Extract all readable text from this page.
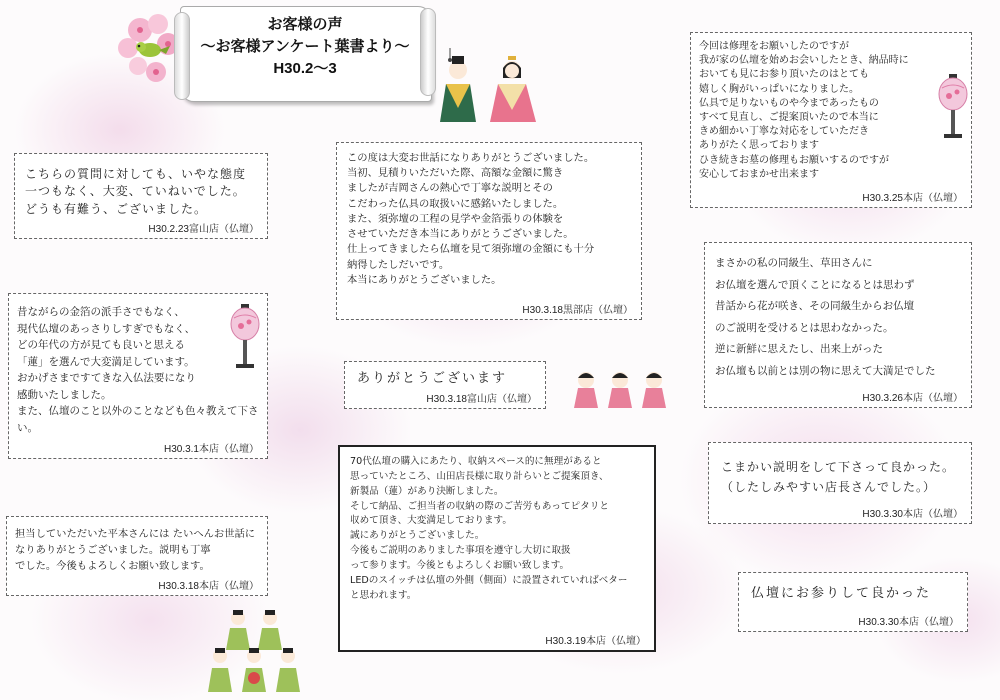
お客様の声
～お客様アンケート葉書より～
H30.2～3

こちらの質問に対しても、いやな態度
一つもなく、大変、ていねいでした。
どうも有難う、ございました。

H30.2.23富山店（仏壇）

この度は大変お世話になりありがとうございました。
当初、見積りいただいた際、高額な金額に驚き
ましたが吉岡さんの熱心で丁寧な説明とその
こだわった仏具の取扱いに感銘いたしました。
また、須弥壇の工程の見学や金箔張りの体験を
させていただき本当にありがとうございました。
仕上ってきましたら仏壇を見て須弥壇の金額にも十分
納得したしだいです。
本当にありがとうございました。

H30.3.18黒部店（仏壇）

今回は修理をお願いしたのですが
我が家の仏壇を始めお会いしたとき、納品時に
おいても見にお参り頂いたのはとても
嬉しく胸がいっぱいになりました。
仏具で足りないものや今まであったもの
すべて見直し、ご提案頂いたので本当に
きめ細かい丁寧な対応をしていただき
ありがたく思っております
ひき続きお墓の修理もお願いするのですが
安心しておまかせ出来ます

H30.3.25本店（仏壇）

まさかの私の同級生、草田さんに
お仏壇を選んで頂くことになるとは思わず
昔話から花が咲き、その同級生からお仏壇
のご説明を受けるとは思わなかった。
逆に新鮮に思えたし、出来上がった
お仏壇も以前とは別の物に思えて大満足でした

H30.3.26本店（仏壇）

昔ながらの金箔の派手さでもなく、
現代仏壇のあっさりしすぎでもなく、
どの年代の方が見ても良いと思える
「蓮」を選んで大変満足しています。
おかげさまですてきな入仏法要になり
感動いたしました。
また、仏壇のこと以外のことなども色々教えて下さい。

H30.3.1本店（仏壇）

ありがとうございます

H30.3.18富山店（仏壇）

こまかい説明をして下さって良かった。
（したしみやすい店長さんでした。）

H30.3.30本店（仏壇）

担当していただいた平本さんには たいへんお世話に
なりありがとうございました。説明も丁寧
でした。今後もよろしくお願い致します。

H30.3.18本店（仏壇）

70代仏壇の購入にあたり、収納スペース的に無理があると
思っていたところ、山田店長様に取り計らいとご提案頂き、
新製品（蓮）があり決断しました。
そして納品、ご担当者の収納の際のご苦労もあってピタリと
収めて頂き、大変満足しております。
誠にありがとうございました。
今後もご説明のありました事項を遵守し大切に取扱
って参ります。今後ともよろしくお願い致します。
LEDのスイッチは仏壇の外側（側面）に設置されていればベター
と思われます。

H30.3.19本店（仏壇）

仏壇にお参りして良かった

H30.3.30本店（仏壇）
